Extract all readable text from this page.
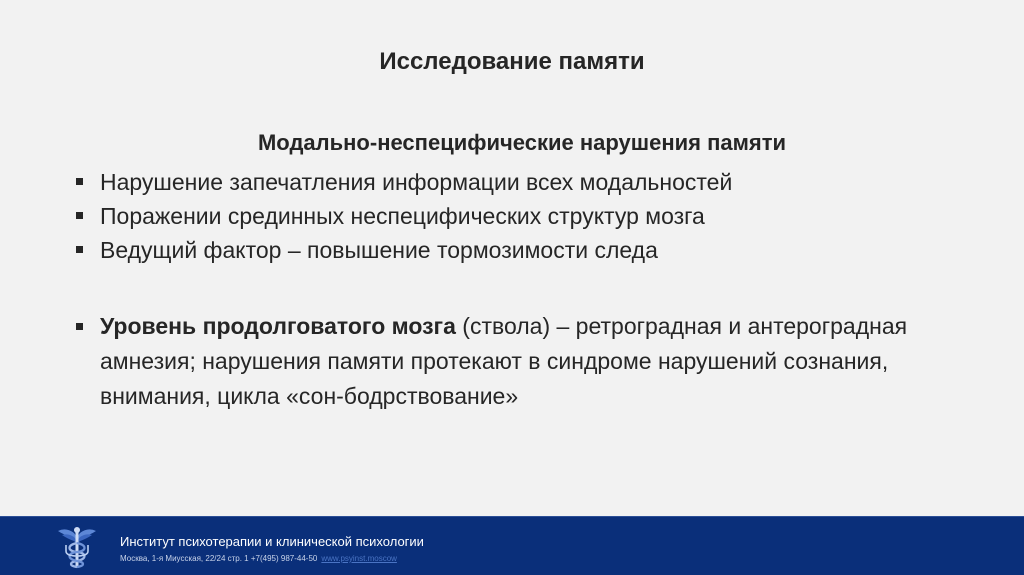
Исследование памяти
Модально-неспецифические нарушения памяти
Нарушение запечатления информации всех модальностей
Поражении срединных неспецифических структур мозга
Ведущий фактор – повышение тормозимости следа
Уровень продолговатого мозга (ствола) – ретроградная и антероградная амнезия; нарушения памяти протекают в синдроме нарушений сознания, внимания, цикла «сон-бодрствование»
Институт психотерапии и клинической психологии
Москва, 1-я Миусская, 22/24 стр. 1 +7(495) 987-44-50 www.psyinst.moscow
